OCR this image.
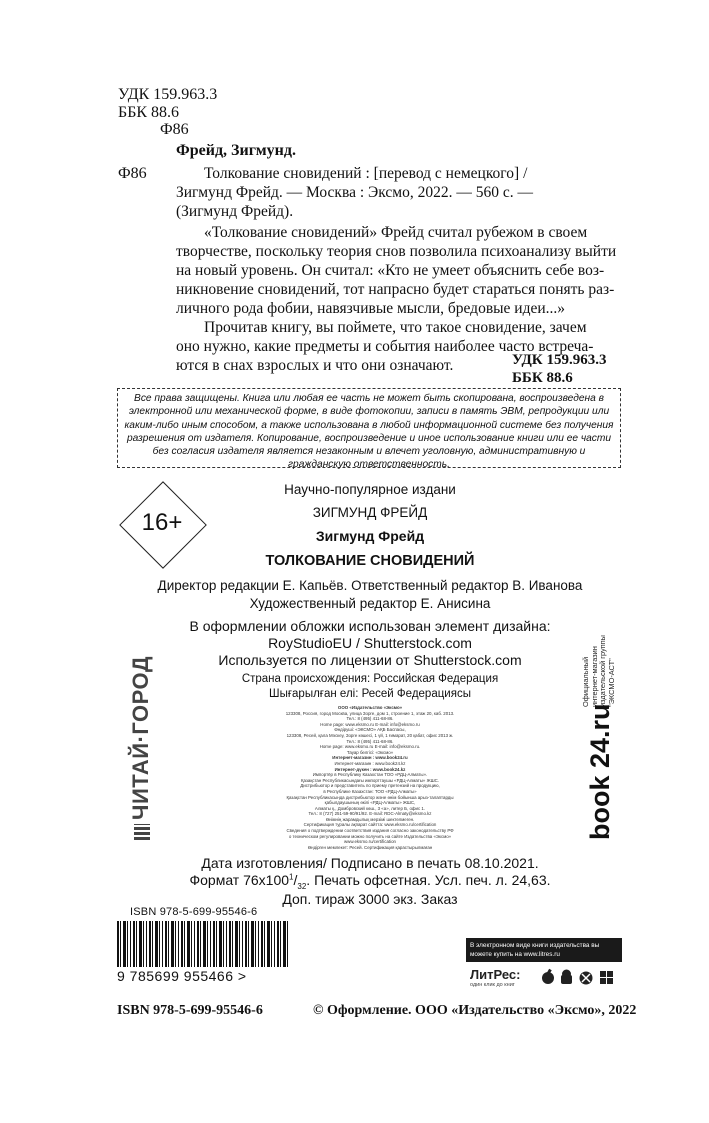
УДК 159.963.3
ББК 88.6
Ф86
Фрейд, Зигмунд.
Ф86	Толкование сновидений : [перевод с немецкого] /
Зигмунд Фрейд. — Москва : Эксмо, 2022. — 560 с. —
(Зигмунд Фрейд).
«Толкование сновидений» Фрейд считал рубежом в своем
творчестве, поскольку теория снов позволила психоанализу выйти
на новый уровень. Он считал: «Кто не умеет объяснить себе воз-
никновение сновидений, тот напрасно будет стараться понять раз-
личного рода фобии, навязчивые мысли, бредовые идеи...»
Прочитав книгу, вы поймете, что такое сновидение, зачем
оно нужно, какие предметы и события наиболее часто встреча-
ются в снах взрослых и что они означают.	УДК 159.963.3
ББК 88.6
Все права защищены. Книга или любая ее часть не может быть скопирована, воспроизведена в электронной или механической форме, в виде фотокопии, записи в память ЭВМ, репродукции или каким-либо иным способом, а также использована в любой информационной системе без получения разрешения от издателя. Копирование, воспроизведение и иное использование книги или ее части без согласия издателя является незаконным и влечет уголовную, административную и гражданскую ответственность.
16+
Научно-популярное издани
ЗИГМУНД ФРЕЙД
Зигмунд Фрейд
ТОЛКОВАНИЕ СНОВИДЕНИЙ
Директор редакции Е. Капьёв. Ответственный редактор В. Иванова
Художественный редактор Е. Анисина
В оформлении обложки использован элемент дизайна:
RoyStudioEU / Shutterstock.com
Используется по лицензии от Shutterstock.com
Страна происхождения: Российская Федерация
Шығарылған елі: Ресей Федерациясы
ООО «Издательство «Эксмо»
123308, Россия, город Москва, улица Зорге, дом 1, строение 1, этаж 20, каб. 2013.
Тел.: 8 (495) 411-68-86.
Home page: www.eksmo.ru E-mail: info@eksmo.ru
Өндіруші: «ЭКСМО» АҚБ Баспасы,
123308, Ресей, қала Мәскеу, Зорге көшесі, 1 үй, 1 ғимарат, 20 қабат, офис 2013 ж.
Тел.: 8 (495) 411-68-86.
Home page: www.eksmo.ru E-mail: info@eksmo.ru.
Тауар белгісі: «Эксмо»
Интернет-магазин : www.book24.ru
Интернет-магазин : www.book24.kz
Интернет-дүкен : www.book24.kz
Импортёр в Республику Казахстан ТОО «РДЦ-Алматы».
Қазақстан Республикасындағы импорттаушы «РДЦ-Алматы» ЖШС.
Дистрибьютор и представитель по приему претензий на продукцию,
в Республике Казахстан: ТОО «РДЦ-Алматы»
Қазақстан Республикасында дистрибьютор және өнім бойынша арыз-талаптарды
қабылдаушының өкілі «РДЦ-Алматы» ЖШС,
Алматы қ., Домбровский көш., 3 «а», литер Б, офис 1.
Тел.: 8 (727) 251-59-90/91/92. E-mail: RDC-Almaty@eksmo.kz
Өнімнің жарамдылық мерзімі шектелмеген.
Сертификация туралы ақпарат сайтта: www.eksmo.ru/certification
Сведения о подтверждении соответствия издания согласно законодательству РФ
о техническом регулировании можно получить на сайте Издательства «Эксмо»
www.eksmo.ru/certification
Өндірген мемлекет: Ресей. Сертификация қарастырылмаған
ЧИТАЙ·ГОРОД	Официальный интернет-магазин издательской группы "ЭКСМО-АСТ"
book 24.ru
Дата изготовления/ Подписано в печать 08.10.2021.
Формат $76х100^1/_{32}$. Печать офсетная. Усл. печ. л. 24,63.
Доп. тираж 3000 экз. Заказ
ISBN 978-5-699-95546-6
9 785699 955466 >
В электронном виде книги издательства вы можете купить на www.litres.ru
ЛитРес:
один клик до книг
ISBN 978-5-699-95546-6	© Оформление. ООО «Издательство «Эксмо», 2022
